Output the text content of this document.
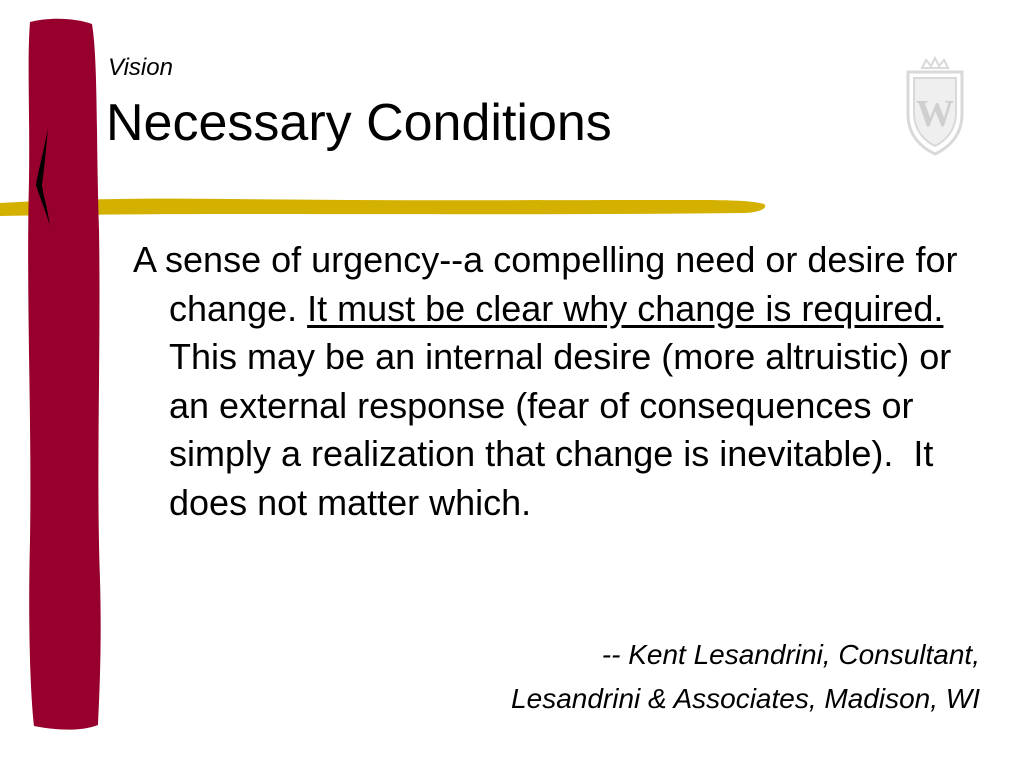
Vision
Necessary Conditions

A sense of urgency--a compelling need or desire for change. It must be clear why change is required.  This may be an internal desire (more altruistic) or an external response (fear of consequences or simply a realization that change is inevitable).  It does not matter which.

-- Kent Lesandrini, Consultant,
Lesandrini & Associates, Madison, WI
W
